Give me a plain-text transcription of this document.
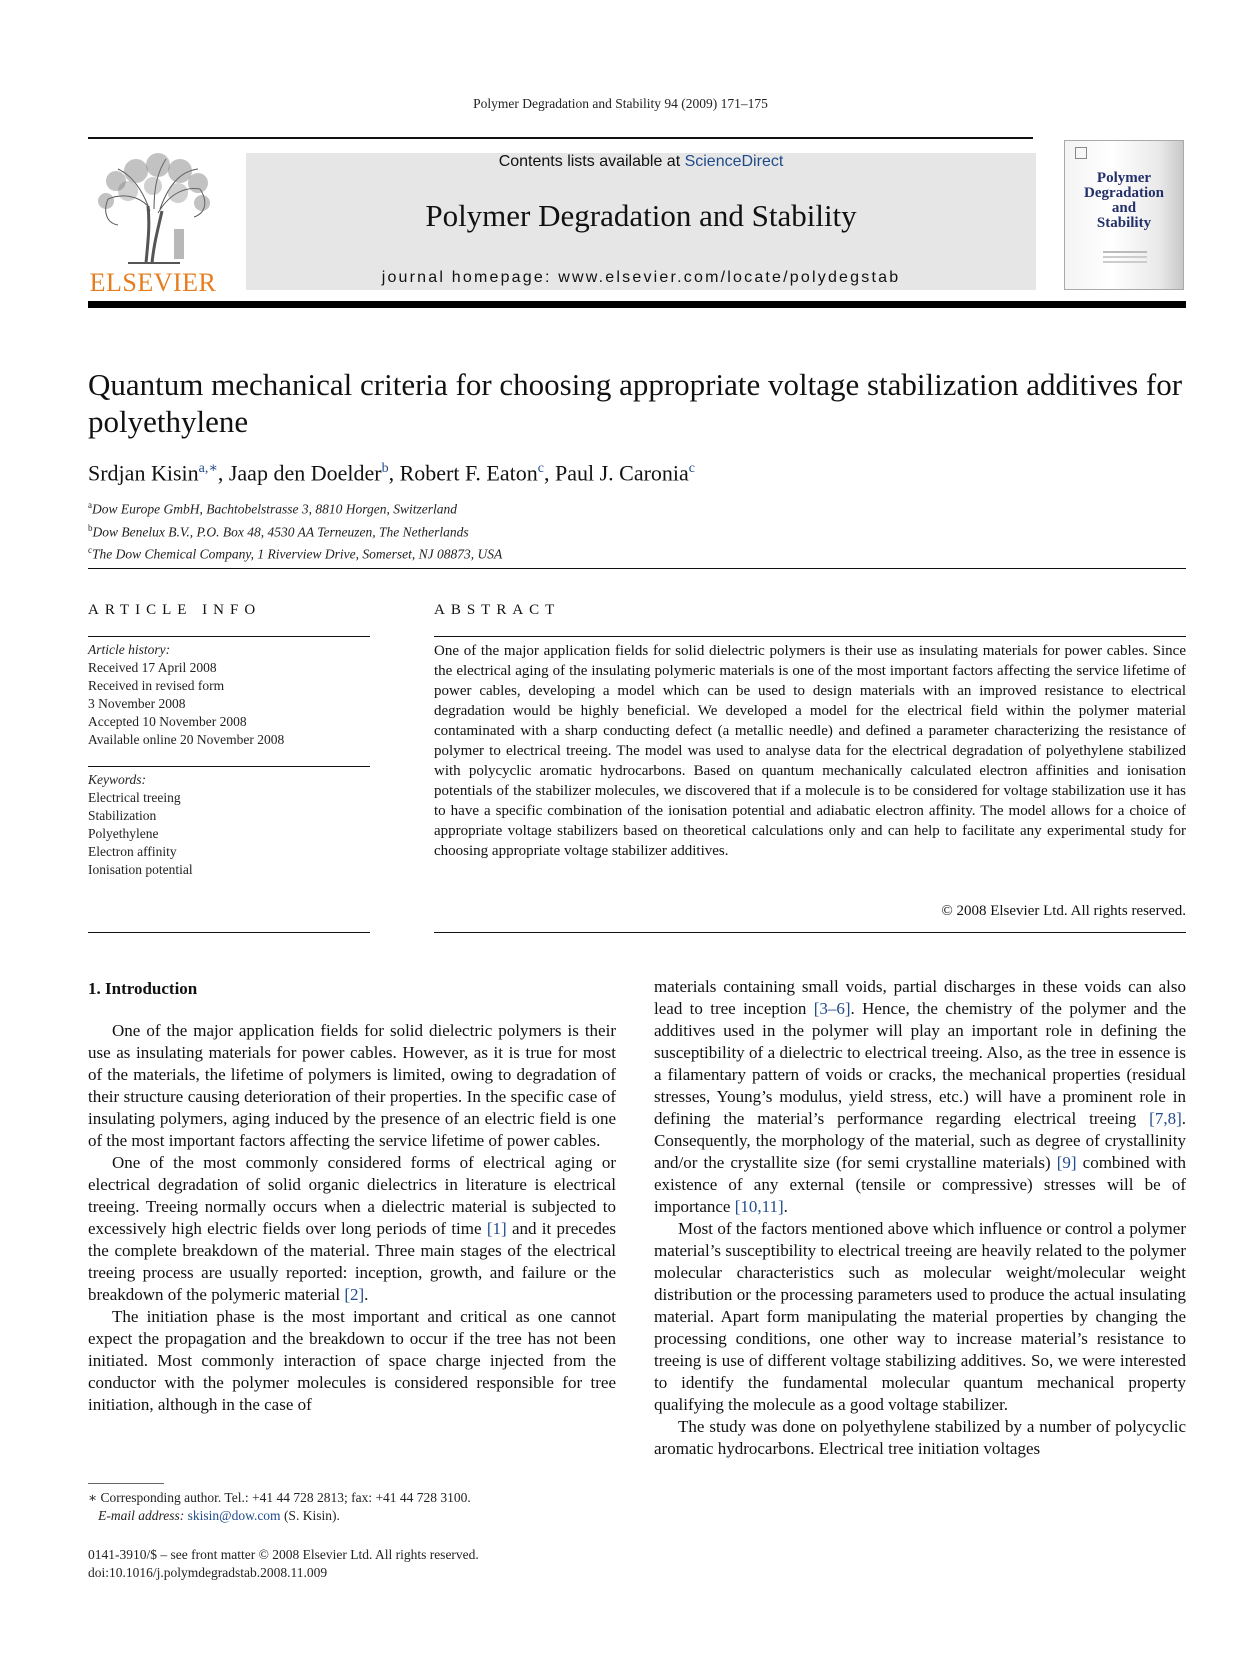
Polymer Degradation and Stability 94 (2009) 171–175
ELSEVIER
Contents lists available at ScienceDirect
Polymer Degradation and Stability
journal homepage: www.elsevier.com/locate/polydegstab
Polymer
Degradation
and
Stability
Quantum mechanical criteria for choosing appropriate voltage stabilization additives for polyethylene
Srdjan Kisin$^{a,∗}$, Jaap den Doelder$^b$, Robert F. Eaton$^c$, Paul J. Caronia$^c$
$^a$Dow Europe GmbH, Bachtobelstrasse 3, 8810 Horgen, Switzerland
$^b$Dow Benelux B.V., P.O. Box 48, 4530 AA Terneuzen, The Netherlands
$^c$The Dow Chemical Company, 1 Riverview Drive, Somerset, NJ 08873, USA
ARTICLE INFO	ABSTRACT
Article history:
Received 17 April 2008
Received in revised form
3 November 2008
Accepted 10 November 2008
Available online 20 November 2008
Keywords:
Electrical treeing
Stabilization
Polyethylene
Electron affinity
Ionisation potential
One of the major application fields for solid dielectric polymers is their use as insulating materials for power cables. Since the electrical aging of the insulating polymeric materials is one of the most important factors affecting the service lifetime of power cables, developing a model which can be used to design materials with an improved resistance to electrical degradation would be highly beneficial. We developed a model for the electrical field within the polymer material contaminated with a sharp conducting defect (a metallic needle) and defined a parameter characterizing the resistance of polymer to electrical treeing. The model was used to analyse data for the electrical degradation of polyethylene stabilized with polycyclic aromatic hydrocarbons. Based on quantum mechanically calculated electron affinities and ionisation potentials of the stabilizer molecules, we discovered that if a molecule is to be considered for voltage stabilization use it has to have a specific combination of the ionisation potential and adiabatic electron affinity. The model allows for a choice of appropriate voltage stabilizers based on theoretical calculations only and can help to facilitate any experimental study for choosing appropriate voltage stabilizer additives.
© 2008 Elsevier Ltd. All rights reserved.
1. Introduction

One of the major application fields for solid dielectric polymers is their use as insulating materials for power cables. However, as it is true for most of the materials, the lifetime of polymers is limited, owing to degradation of their structure causing deterioration of their properties. In the specific case of insulating polymers, aging induced by the presence of an electric field is one of the most important factors affecting the service lifetime of power cables.

One of the most commonly considered forms of electrical aging or electrical degradation of solid organic dielectrics in literature is electrical treeing. Treeing normally occurs when a dielectric material is subjected to excessively high electric fields over long periods of time [1] and it precedes the complete breakdown of the material. Three main stages of the electrical treeing process are usually reported: inception, growth, and failure or the breakdown of the polymeric material [2].

The initiation phase is the most important and critical as one cannot expect the propagation and the breakdown to occur if the tree has not been initiated. Most commonly interaction of space charge injected from the conductor with the polymer molecules is considered responsible for tree initiation, although in the case of

materials containing small voids, partial discharges in these voids can also lead to tree inception [3–6]. Hence, the chemistry of the polymer and the additives used in the polymer will play an important role in defining the susceptibility of a dielectric to electrical treeing. Also, as the tree in essence is a filamentary pattern of voids or cracks, the mechanical properties (residual stresses, Young’s modulus, yield stress, etc.) will have a prominent role in defining the material’s performance regarding electrical treeing [7,8]. Consequently, the morphology of the material, such as degree of crystallinity and/or the crystallite size (for semi crystalline materials) [9] combined with existence of any external (tensile or compressive) stresses will be of importance [10,11].

Most of the factors mentioned above which influence or control a polymer material’s susceptibility to electrical treeing are heavily related to the polymer molecular characteristics such as molecular weight/molecular weight distribution or the processing parameters used to produce the actual insulating material. Apart form manipulating the material properties by changing the processing conditions, one other way to increase material’s resistance to treeing is use of different voltage stabilizing additives. So, we were interested to identify the fundamental molecular quantum mechanical property qualifying the molecule as a good voltage stabilizer.

The study was done on polyethylene stabilized by a number of polycyclic aromatic hydrocarbons. Electrical tree initiation voltages

∗ Corresponding author. Tel.: +41 44 728 2813; fax: +41 44 728 3100.
E-mail address: skisin@dow.com (S. Kisin).
0141-3910/$ – see front matter © 2008 Elsevier Ltd. All rights reserved.
doi:10.1016/j.polymdegradstab.2008.11.009
